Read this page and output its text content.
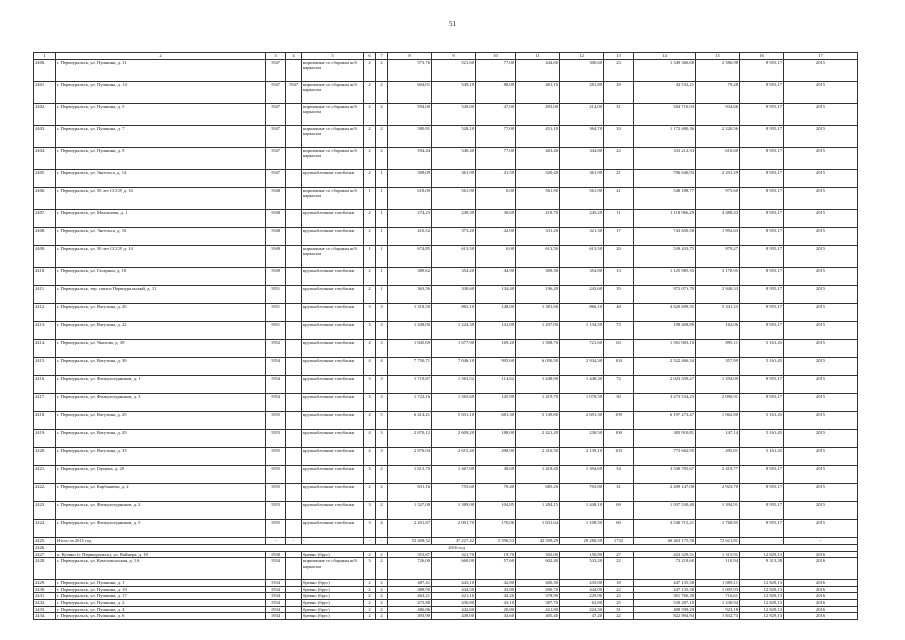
51
1	2	3	4	5	6	7	8	9	10	11	12	13	14	15	16	17
2400.	г. Первоуральск, ул. Пушкина, д. 11	1947		кирпичные со сборным ж/б каркасом	2	2	573,76	521,60	77,00	444,60	300,60	23	1 349 366,68	2 586,98	8 955,17	2015
2401.	г. Первоуральск, ул. Пушкина, д. 14	1947	1947	кирпичные со сборным ж/б каркасом	2	2	604,01	549,10	88,00	461,10	281,80	29	43 532,21	79,28	8 955,17	2015
2402.	г. Первоуральск, ул. Пушкина, д. 5	1947		кирпичные со сборным ж/б каркасом	2	2	594,00	540,00	47,00	493,00	214,00	31	504 716,93	934,66	8 955,17	2015
2403.	г. Первоуральск, ул. Пушкина, д. 7	1947		кирпичные со сборным ж/б каркасом	2	2	580,91	528,10	77,00	451,10	364,70	33	1 172 680,36	2 220,56	8 955,17	2015
2404.	г. Первоуральск, ул. Пушкина, д. 9	1947		кирпичные со сборным ж/б каркасом	2	2	594,44	540,40	77,00	463,40	344,80	22	333 212,33	616,60	8 955,17	2015
2405.	г. Первоуральск, ул. Энгельса, д. 14	1947		крупноблочные газоблоки	2	1	398,09	361,90	41,50	320,40	361,90	21	796 646,93	2 201,29	8 955,17	2015
2406.	г. Первоуральск, ул. 50 лет СССР, д. 16	1948		кирпичные со сборным ж/б каркасом	1	1	618,09	561,90	0,00	561,90	561,90	21	548 188,77	975,60	8 955,17	2015
2407.	г. Первоуральск, ул. Малышева, д. 1	1948		крупноблочные газоблоки	2	1	274,23	249,30	30,60	218,70	245,20	11	1 118 966,29	4 488,43	8 955,17	2015
2408.	г. Первоуральск, ул. Энгельса, д. 16	1948		крупноблочные газоблоки	2	1	410,52	373,20	42,00	331,20	321,30	17	743 650,58	1 992,63	8 955,17	2015
2409.	г. Первоуральск, ул. 50 лет СССР, д. 14	1949		кирпичные со сборным ж/б каркасом	1	1	674,85	613,50	0,00	613,50	613,50	20	539 433,75	879,27	8 955,17	2015
2410.	г. Первоуральск, ул. Гагарина, д. 10	1949		крупноблочные газоблоки	2	1	389,62	354,20	44,90	309,30	354,80	13	1 125 985,35	3 178,95	8 955,17	2015
2411.	г. Первоуральск, тер. совхоз Первоуральский, д. 11	1951		крупноблочные газоблоки	2	1	363,56	330,60	134,40	196,20	243,60	35	972 071,70	2 940,33	8 955,17	2015
2412.	г. Первоуральск, ул. Ватутина, д. 20	1951		крупноблочные газоблоки	3	3	1 318,50	865,10	148,00	1 381,60	866,10	40	4 620 699,35	5 341,23	8 955,17	2015
2413.	г. Первоуральск, ул. Ватутина, д. 22	1951		крупноблочные газоблоки	3	3	1 438,00	1 224,30	141,00	1 297,00	1 134,50	73	198 408,89	162,06	8 955,17	2015
2414.	г. Первоуральск, ул. Чкалова, д. 39	1952		крупноблочные газоблоки	4	3	1 845,69	1 677,90	169,20	1 508,70	721,60	63	1 501 903,10	895,11	5 161,45	2015
2415.	г. Первоуральск, ул. Ватутина, д. 30	1954		крупноблочные газоблоки	4	4	7 750,71	7 046,10	995,60	6 050,50	2 934,30	104	2 522 466,34	357,99	5 161,45	2015
2416.	г. Первоуральск, ул. Физкультурников, д. 1	1954		крупноблочные газоблоки	3	3	1 719,87	1 563,52	114,62	1 448,90	1 448,30	72	2 023 339,27	1 294,09	8 955,17	2015
2417.	г. Первоуральск, ул. Физкультурников, д. 3	1954		крупноблочные газоблоки	3	3	1 722,16	1 565,60	145,90	1 419,70	1 078,50	50	3 273 534,23	2 090,91	8 955,17	2015
2418.	г. Первоуральск, ул. Ватутина, д. 25	1955		крупноблочные газоблоки	4	5	6 414,21	5 831,10	681,30	5 149,80	2 691,30	109	6 197 273,47	1 062,80	5 161,45	2015
2419.	г. Первоуральск, ул. Ватутина, д. 29	1955		крупноблочные газоблоки	4	3	2 870,12	2 609,20	188,00	2 421,20	230,50	100	383 910,81	147,14	5 161,45	2015
2420.	г. Первоуральск, ул. Ватутина, д. 33	1955		крупноблочные газоблоки	4	3	2 876,94	2 615,40	298,90	2 316,50	2 139,10	103	773 662,95	295,81	5 161,45	2015
2421.	г. Первоуральск, ул. Герцена, д. 20	1955		крупноблочные газоблоки	3	2	1 613,70	1 467,00	48,60	1 418,40	1 394,60	54	3 549 795,67	2 419,77	8 955,17	2015
2422.	г. Первоуральск, ул. Карбышева, д. 2	1955		крупноблочные газоблоки	2	2	831,16	755,60	70,40	685,20	703,80	31	2 209 147,08	2 923,70	8 955,17	2015
2423.	г. Первоуральск, ул. Физкультурников, д. 2	1955		крупноблочные газоблоки	3	2	1 527,00	1 389,00	104,85	1 284,15	1 448,10	69	1 937 530,40	1 394,91	8 955,17	2015
2424.	г. Первоуральск, ул. Физкультурников, д. 5	1955		крупноблочные газоблоки	3	4	2 201,87	2 001,70	170,06	1 831,64	1 108,50	60	3 540 715,21	1 768,85	8 955,17	2015
2425.	Итого за 2015 год	-	-	-	-	-	52 408,32	47 227,42	5 596,53	42 509,29	29 280,50	1732	60 463 175,38	72 621,81	-	-
2426.	2016 год															
2427.	п. Кузино (г. Первоуральск), ул. Вайнера, д. 18	1930		бревно (брус)	2	2	353,87	321,70	19,70	302,00	150,80	27	423 329,51	1 315,91	12 829,13	2016
2428.	г. Первоуральск, ул. Комсомольская, д. 1А	1934		кирпичные со сборным ж/б каркасом	3	2	726,00	660,00	57,60	602,40	533,20	22	73 218,60	110,94	9 313,38	2016
2429.	г. Первоуральск, ул. Пушкина, д. 1	1934		бревно (брус)	2	2	487,41	443,10	42,80	400,30	235,00	18	447 135,38	1 009,11	12 829,13	2016
2430.	г. Первоуральск, ул. Пушкина, д. 10	1934		бревно (брус)	2	2	488,95	444,50	43,80	400,70	444,00	22	447 135,38	1 005,93	12 829,13	2016
2431.	г. Первоуральск, ул. Пушкина, д. 17	1934		бревно (брус)	2	2	463,21	421,10	42,20	378,90	229,90	22	301 766,38	716,61	12 829,13	2016
2432.	г. Первоуральск, ул. Пушкина, д. 2	1934		бревно (брус)	2	2	473,88	430,80	43,10	387,70	62,80	25	530 287,18	1 230,94	12 829,13	2016
2433.	г. Первоуральск, ул. Пушкина, д. 4	1934		бревно (брус)	2	2	486,86	442,60	20,80	421,80	224,30	31	408 599,29	923,18	12 829,13	2016
2434.	г. Первоуральск, ул. Пушкина, д. 6	1934		бревно (брус)	2	2	493,90	449,00	43,60	405,40	47,20	22	822 894,94	1 832,73	12 829,13	2016
